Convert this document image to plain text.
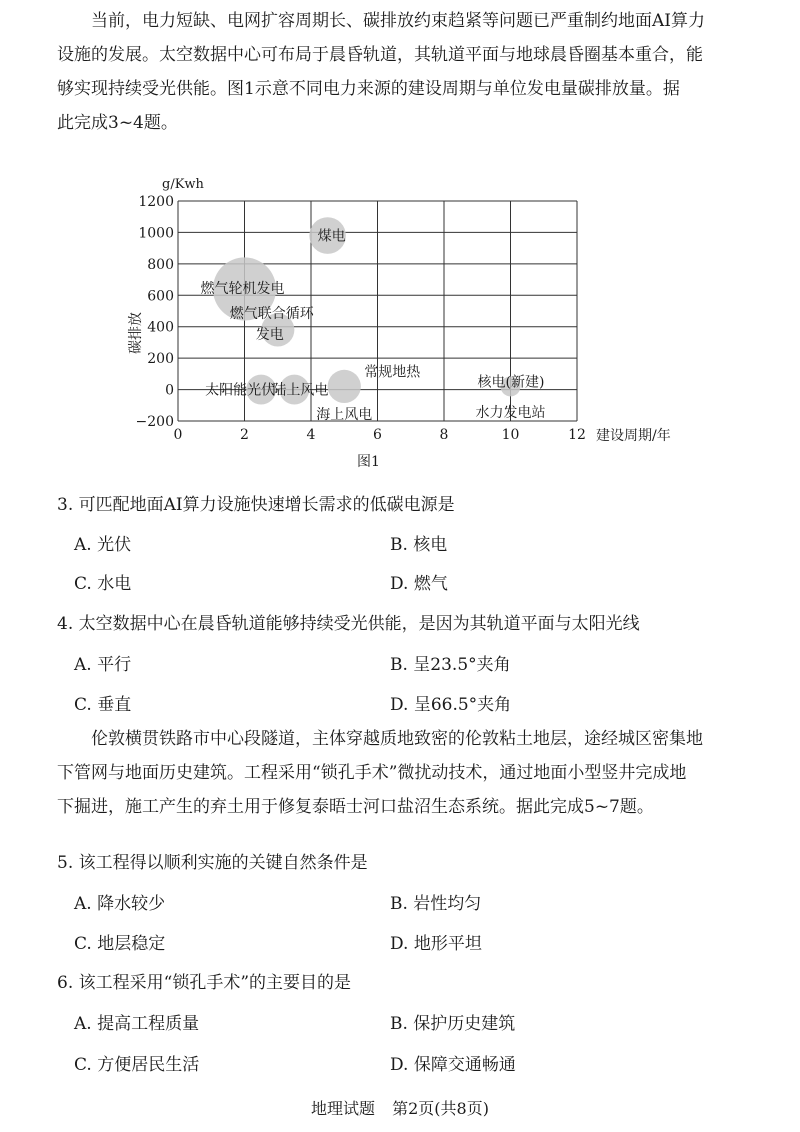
当前，电力短缺、电网扩容周期长、碳排放约束趋紧等问题已严重制约地面AI算力
设施的发展。太空数据中心可布局于晨昏轨道，其轨道平面与地球晨昏圈基本重合，能
够实现持续受光供能。图1示意不同电力来源的建设周期与单位发电量碳排放量。据
此完成3~4题。
0	2	4	6	8	10	12
1200
1000
800
600
400
200
0
−200
煤电
燃气轮机发电
燃气联合循环
发电
太阳能光伏
陆上风电
常规地热
海上风电
核电(新建)
水力发电站
g/Kwh
建设周期/年
碳排放
图1
3. 可匹配地面AI算力设施快速增长需求的低碳电源是
A. 光伏	B. 核电
C. 水电	D. 燃气
4. 太空数据中心在晨昏轨道能够持续受光供能，是因为其轨道平面与太阳光线
A. 平行	B. 呈23.5°夹角
C. 垂直	D. 呈66.5°夹角
伦敦横贯铁路市中心段隧道，主体穿越质地致密的伦敦粘土地层，途经城区密集地
下管网与地面历史建筑。工程采用“锁孔手术”微扰动技术，通过地面小型竖井完成地
下掘进，施工产生的弃土用于修复泰晤士河口盐沼生态系统。据此完成5~7题。
5. 该工程得以顺利实施的关键自然条件是
A. 降水较少	B. 岩性均匀
C. 地层稳定	D. 地形平坦
6. 该工程采用“锁孔手术”的主要目的是
A. 提高工程质量	B. 保护历史建筑
C. 方便居民生活	D. 保障交通畅通
地理试题 第2页(共8页)
